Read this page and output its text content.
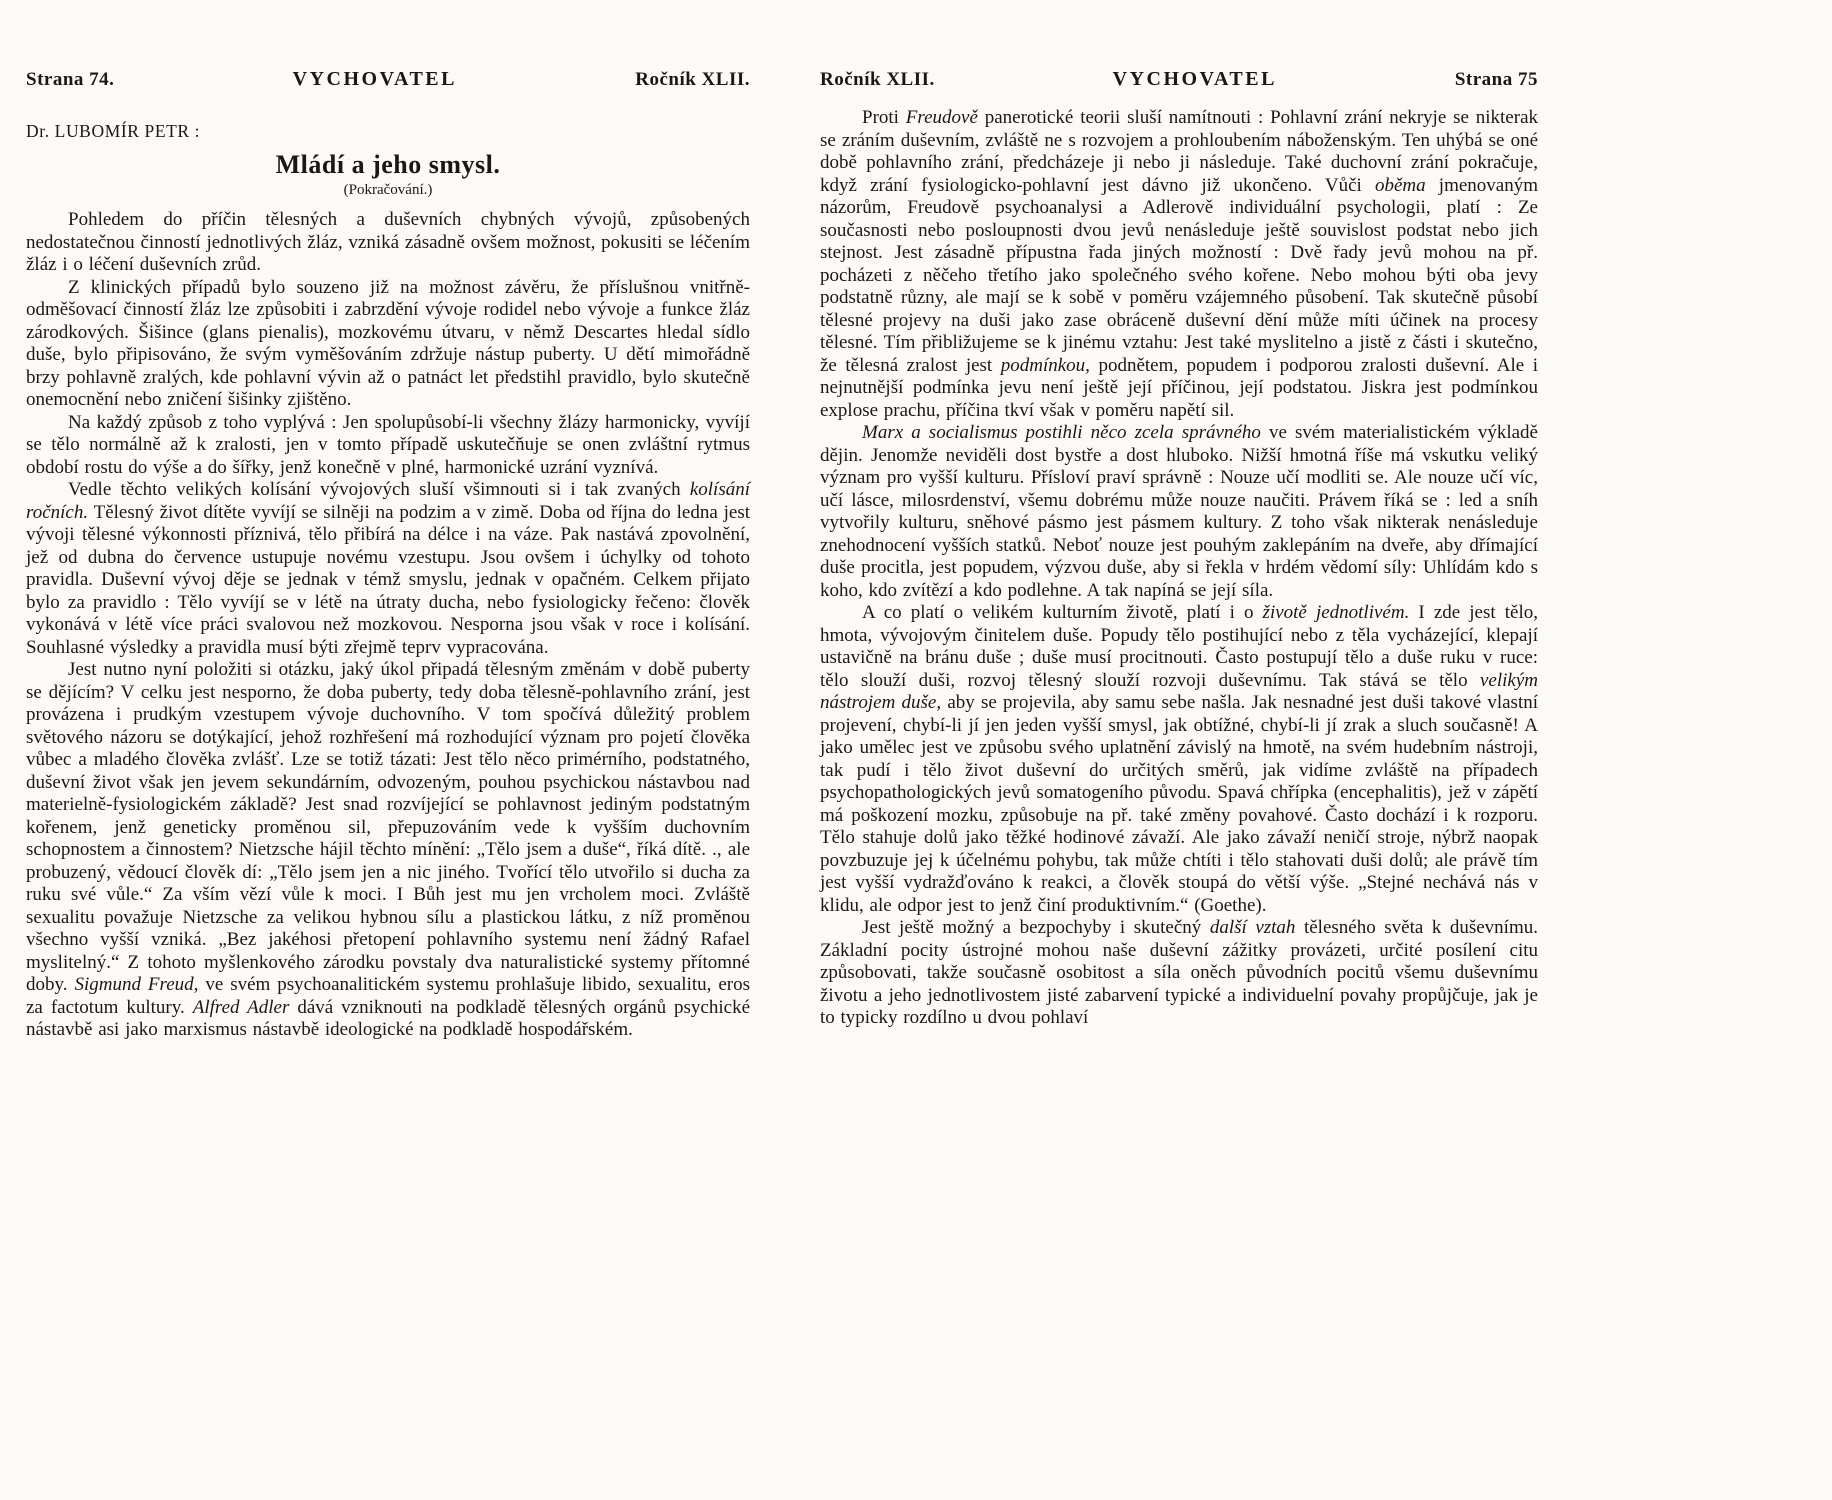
Strana 74.	VYCHOVATEL	Ročník XLII.
Dr. LUBOMÍR PETR :
Mládí a jeho smysl.
(Pokračování.)

Pohledem do příčin tělesných a duševních chybných vývojů, způsobených nedostatečnou činností jednotlivých žláz, vzniká zásadně ovšem možnost, pokusiti se léčením žláz i o léčení duševních zrůd.

Z klinických případů bylo souzeno již na možnost závěru, že příslušnou vnitřně-odměšovací činností žláz lze způsobiti i zabrzdění vývoje rodidel nebo vývoje a funkce žláz zárodkových. Šišince (glans pienalis), mozkovému útvaru, v němž Descartes hledal sídlo duše, bylo připisováno, že svým vyměšováním zdržuje nástup puberty. U dětí mimořádně brzy pohlavně zralých, kde pohlavní vývin až o patnáct let předstihl pravidlo, bylo skutečně onemocnění nebo zničení šišinky zjištěno.

Na každý způsob z toho vyplývá : Jen spolupůsobí-li všechny žlázy harmonicky, vyvíjí se tělo normálně až k zralosti, jen v tomto případě uskutečňuje se onen zvláštní rytmus období rostu do výše a do šířky, jenž konečně v plné, harmonické uzrání vyznívá.

Vedle těchto velikých kolísání vývojových sluší všimnouti si i tak zvaných kolísání ročních. Tělesný život dítěte vyvíjí se silněji na podzim a v zimě. Doba od října do ledna jest vývoji tělesné výkonnosti příznivá, tělo přibírá na délce i na váze. Pak nastává zpovolnění, jež od dubna do července ustupuje novému vzestupu. Jsou ovšem i úchylky od tohoto pravidla. Duševní vývoj děje se jednak v témž smyslu, jednak v opačném. Celkem přijato bylo za pravidlo : Tělo vyvíjí se v létě na útraty ducha, nebo fysiologicky řečeno: člověk vykonává v létě více práci svalovou než mozkovou. Nesporna jsou však v roce i kolísání. Souhlasné výsledky a pravidla musí býti zřejmě teprv vypracována.

Jest nutno nyní položiti si otázku, jaký úkol připadá tělesným změnám v době puberty se dějícím? V celku jest nesporno, že doba puberty, tedy doba tělesně-pohlavního zrání, jest provázena i prudkým vzestupem vývoje duchovního. V tom spočívá důležitý problem světového názoru se dotýkající, jehož rozhřešení má rozhodující význam pro pojetí člověka vůbec a mladého člověka zvlášť. Lze se totiž tázati: Jest tělo něco primérního, podstatného, duševní život však jen jevem sekundárním, odvozeným, pouhou psychickou nástavbou nad materielně-fysiologickém základě? Jest snad rozvíjející se pohlavnost jediným podstatným kořenem, jenž geneticky proměnou sil, přepuzováním vede k vyšším duchovním schopnostem a činnostem? Nietzsche hájil těchto mínění: „Tělo jsem a duše“, říká dítě. ., ale probuzený, vědoucí člověk dí: „Tělo jsem jen a nic jiného. Tvořící tělo utvořilo si ducha za ruku své vůle.“ Za vším vězí vůle k moci. I Bůh jest mu jen vrcholem moci. Zvláště sexualitu považuje Nietzsche za velikou hybnou sílu a plastickou látku, z níž proměnou všechno vyšší vzniká. „Bez jakéhosi přetopení pohlavního systemu není žádný Rafael myslitelný.“ Z tohoto myšlenkového zárodku povstaly dva naturalistické systemy přítomné doby. Sigmund Freud, ve svém psychoanalitickém systemu prohlašuje libido, sexualitu, eros za factotum kultury. Alfred Adler dává vzniknouti na podkladě tělesných orgánů psychické nástavbě asi jako marxismus nástavbě ideologické na podkladě hospodářském.

Ročník XLII.	VYCHOVATEL	Strana 75

Proti Freudově panerotické teorii sluší namítnouti : Pohlavní zrání nekryje se nikterak se zráním duševním, zvláště ne s rozvojem a prohloubením náboženským. Ten uhýbá se oné době pohlavního zrání, předcházeje ji nebo ji následuje. Také duchovní zrání pokračuje, když zrání fysiologicko-pohlavní jest dávno již ukončeno. Vůči oběma jmenovaným názorům, Freudově psychoanalysi a Adlerově individuální psychologii, platí : Ze současnosti nebo posloupnosti dvou jevů nenásleduje ještě souvislost podstat nebo jich stejnost. Jest zásadně přípustna řada jiných možností : Dvě řady jevů mohou na př. pocházeti z něčeho třetího jako společného svého kořene. Nebo mohou býti oba jevy podstatně různy, ale mají se k sobě v poměru vzájemného působení. Tak skutečně působí tělesné projevy na duši jako zase obráceně duševní dění může míti účinek na procesy tělesné. Tím přibližujeme se k jinému vztahu: Jest také myslitelno a jistě z části i skutečno, že tělesná zralost jest podmínkou, podnětem, popudem i podporou zralosti duševní. Ale i nejnutnější podmínka jevu není ještě její příčinou, její podstatou. Jiskra jest podmínkou explose prachu, příčina tkví však v poměru napětí sil.

Marx a socialismus postihli něco zcela správného ve svém materialistickém výkladě dějin. Jenomže neviděli dost bystře a dost hluboko. Nižší hmotná říše má vskutku veliký význam pro vyšší kulturu. Přísloví praví správně : Nouze učí modliti se. Ale nouze učí víc, učí lásce, milosrdenství, všemu dobrému může nouze naučiti. Právem říká se : led a sníh vytvořily kulturu, sněhové pásmo jest pásmem kultury. Z toho však nikterak nenásleduje znehodnocení vyšších statků. Neboť nouze jest pouhým zaklepáním na dveře, aby dřímající duše procitla, jest popudem, výzvou duše, aby si řekla v hrdém vědomí síly: Uhlídám kdo s koho, kdo zvítězí a kdo podlehne. A tak napíná se její síla.

A co platí o velikém kulturním životě, platí i o životě jednotlivém. I zde jest tělo, hmota, vývojovým činitelem duše. Popudy tělo postihující nebo z těla vycházející, klepají ustavičně na bránu duše ; duše musí procitnouti. Často postupují tělo a duše ruku v ruce: tělo slouží duši, rozvoj tělesný slouží rozvoji duševnímu. Tak stává se tělo velikým nástrojem duše, aby se projevila, aby samu sebe našla. Jak nesnadné jest duši takové vlastní projevení, chybí-li jí jen jeden vyšší smysl, jak obtížné, chybí-li jí zrak a sluch současně! A jako umělec jest ve způsobu svého uplatnění závislý na hmotě, na svém hudebním nástroji, tak pudí i tělo život duševní do určitých směrů, jak vidíme zvláště na případech psychopathologických jevů somatogeního původu. Spavá chřípka (encephalitis), jež v zápětí má poškození mozku, způsobuje na př. také změny povahové. Často dochází i k rozporu. Tělo stahuje dolů jako těžké hodinové závaží. Ale jako závaží neničí stroje, nýbrž naopak povzbuzuje jej k účelnému pohybu, tak může chtíti i tělo stahovati duši dolů; ale právě tím jest vyšší vydražďováno k reakci, a člověk stoupá do větší výše. „Stejné nechává nás v klidu, ale odpor jest to jenž činí produktivním.“ (Goethe).

Jest ještě možný a bezpochyby i skutečný další vztah tělesného světa k duševnímu. Základní pocity ústrojné mohou naše duševní zážitky provázeti, určité posílení citu způsobovati, takže současně osobitost a síla oněch původních pocitů všemu duševnímu životu a jeho jednotlivostem jisté zabarvení typické a individuelní povahy propůjčuje, jak je to typicky rozdílno u dvou pohlaví
